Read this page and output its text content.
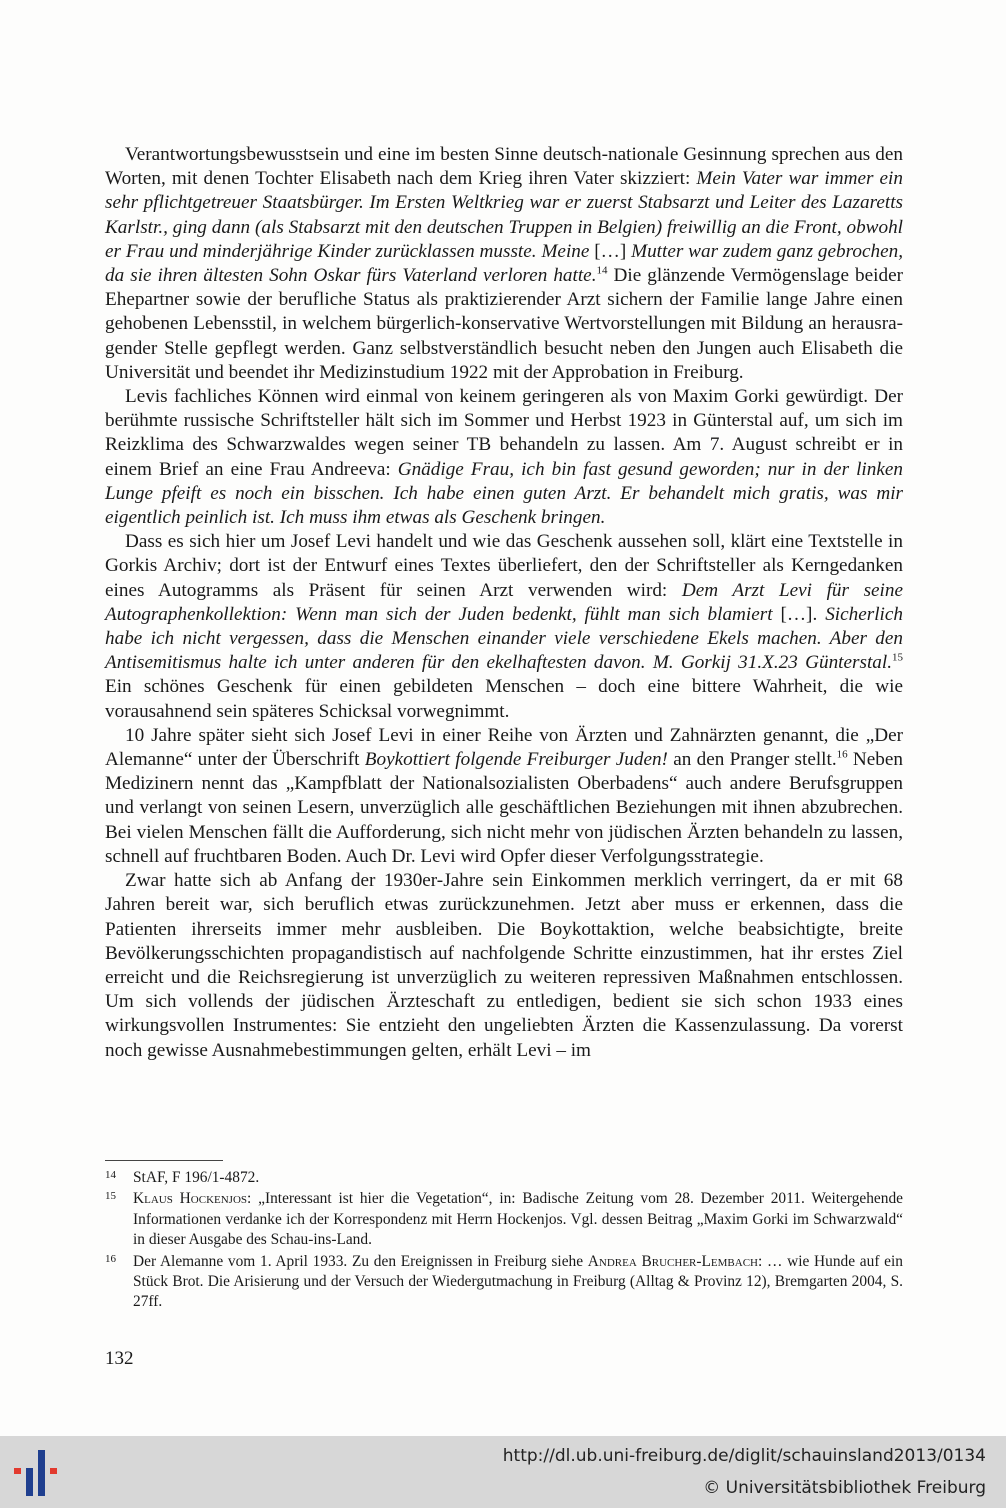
Verantwortungsbewusstsein und eine im besten Sinne deutsch-nationale Gesinnung sprechen aus den Worten, mit denen Tochter Elisabeth nach dem Krieg ihren Vater skizziert: Mein Vater war immer ein sehr pflichtgetreuer Staatsbürger. Im Ersten Weltkrieg war er zuerst Stabsarzt und Leiter des Lazaretts Karlstr., ging dann (als Stabsarzt mit den deutschen Truppen in Belgien) freiwillig an die Front, obwohl er Frau und minderjährige Kinder zurücklassen musste. Meine […] Mutter war zudem ganz gebrochen, da sie ihren ältesten Sohn Oskar fürs Vaterland verloren hatte.$^{14}$ Die glänzende Vermögenslage beider Ehepartner sowie der berufliche Status als praktizierender Arzt sichern der Familie lange Jahre einen gehobenen Lebensstil, in welchem bürgerlich-konservative Wertvorstellungen mit Bildung an herausragender Stelle gepflegt werden. Ganz selbstverständlich besucht neben den Jungen auch Elisabeth die Universität und beendet ihr Medizinstudium 1922 mit der Approbation in Freiburg.

Levis fachliches Können wird einmal von keinem geringeren als von Maxim Gorki gewürdigt. Der berühmte russische Schriftsteller hält sich im Sommer und Herbst 1923 in Günterstal auf, um sich im Reizklima des Schwarzwaldes wegen seiner TB behandeln zu lassen. Am 7. August schreibt er in einem Brief an eine Frau Andreeva: Gnädige Frau, ich bin fast gesund geworden; nur in der linken Lunge pfeift es noch ein bisschen. Ich habe einen guten Arzt. Er behandelt mich gratis, was mir eigentlich peinlich ist. Ich muss ihm etwas als Geschenk bringen.

Dass es sich hier um Josef Levi handelt und wie das Geschenk aussehen soll, klärt eine Textstelle in Gorkis Archiv; dort ist der Entwurf eines Textes überliefert, den der Schriftsteller als Kerngedanken eines Autogramms als Präsent für seinen Arzt verwenden wird: Dem Arzt Levi für seine Autographenkollektion: Wenn man sich der Juden bedenkt, fühlt man sich blamiert […]. Sicherlich habe ich nicht vergessen, dass die Menschen einander viele verschiedene Ekels machen. Aber den Antisemitismus halte ich unter anderen für den ekelhaftesten davon. M. Gorkij 31.X.23 Günterstal.$^{15}$ Ein schönes Geschenk für einen gebildeten Menschen – doch eine bittere Wahrheit, die wie vorausahnend sein späteres Schicksal vorwegnimmt.

10 Jahre später sieht sich Josef Levi in einer Reihe von Ärzten und Zahnärzten genannt, die „Der Alemanne“ unter der Überschrift Boykottiert folgende Freiburger Juden! an den Pranger stellt.$^{16}$ Neben Medizinern nennt das „Kampfblatt der Nationalsozialisten Oberbadens“ auch andere Berufsgruppen und verlangt von seinen Lesern, unverzüglich alle geschäftlichen Beziehungen mit ihnen abzubrechen. Bei vielen Menschen fällt die Aufforderung, sich nicht mehr von jüdischen Ärzten behandeln zu lassen, schnell auf fruchtbaren Boden. Auch Dr. Levi wird Opfer dieser Verfolgungsstrategie.

Zwar hatte sich ab Anfang der 1930er-Jahre sein Einkommen merklich verringert, da er mit 68 Jahren bereit war, sich beruflich etwas zurückzunehmen. Jetzt aber muss er erkennen, dass die Patienten ihrerseits immer mehr ausbleiben. Die Boykottaktion, welche beabsichtigte, breite Bevölkerungsschichten propagandistisch auf nachfolgende Schritte einzustimmen, hat ihr erstes Ziel erreicht und die Reichsregierung ist unverzüglich zu weiteren repressiven Maßnahmen entschlossen. Um sich vollends der jüdischen Ärzteschaft zu entledigen, bedient sie sich schon 1933 eines wirkungsvollen Instrumentes: Sie entzieht den ungeliebten Ärzten die Kassenzulassung. Da vorerst noch gewisse Ausnahmebestimmungen gelten, erhält Levi – im

14 StAF, F 196/1-4872.
15 Klaus Hockenjos: „Interessant ist hier die Vegetation“, in: Badische Zeitung vom 28. Dezember 2011. Weitergehende Informationen verdanke ich der Korrespondenz mit Herrn Hockenjos. Vgl. dessen Beitrag „Maxim Gorki im Schwarzwald“ in dieser Ausgabe des Schau-ins-Land.
16 Der Alemanne vom 1. April 1933. Zu den Ereignissen in Freiburg siehe Andrea Brucher-Lembach: … wie Hunde auf ein Stück Brot. Die Arisierung und der Versuch der Wiedergutmachung in Freiburg (Alltag & Provinz 12), Bremgarten 2004, S. 27ff.
132
http://dl.ub.uni-freiburg.de/diglit/schauinsland2013/0134
© Universitätsbibliothek Freiburg
